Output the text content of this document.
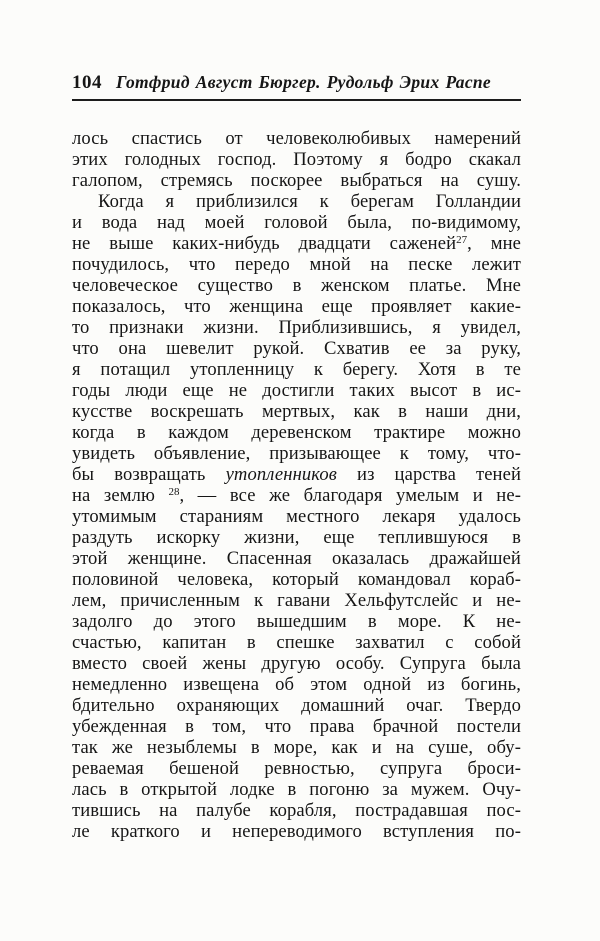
104 Готфрид Август Бюргер. Рудольф Эрих Распе
лось спастись от человеколюбивых намерений
этих голодных господ. Поэтому я бодро скакал
галопом, стремясь поскорее выбраться на сушу.
Когда я приблизился к берегам Голландии
и вода над моей головой была, по-видимому,
не выше каких-нибудь двадцати саженей$^{27}$, мне
почудилось, что передо мной на песке лежит
человеческое существо в женском платье. Мне
показалось, что женщина еще проявляет какие-
то признаки жизни. Приблизившись, я увидел,
что она шевелит рукой. Схватив ее за руку,
я потащил утопленницу к берегу. Хотя в те
годы люди еще не достигли таких высот в ис-
кусстве воскрешать мертвых, как в наши дни,
когда в каждом деревенском трактире можно
увидеть объявление, призывающее к тому, что-
бы возвращать утопленников из царства теней
на землю $^{28}$, — все же благодаря умелым и не-
утомимым стараниям местного лекаря удалось
раздуть искорку жизни, еще теплившуюся в
этой женщине. Спасенная оказалась дражайшей
половиной человека, который командовал кораб-
лем, причисленным к гавани Хельфутслейс и не-
задолго до этого вышедшим в море. К не-
счастью, капитан в спешке захватил с собой
вместо своей жены другую особу. Супруга была
немедленно извещена об этом одной из богинь,
бдительно охраняющих домашний очаг. Твердо
убежденная в том, что права брачной постели
так же незыблемы в море, как и на суше, обу-
реваемая бешеной ревностью, супруга броси-
лась в открытой лодке в погоню за мужем. Очу-
тившись на палубе корабля, пострадавшая пос-
ле краткого и непереводимого вступления по-
